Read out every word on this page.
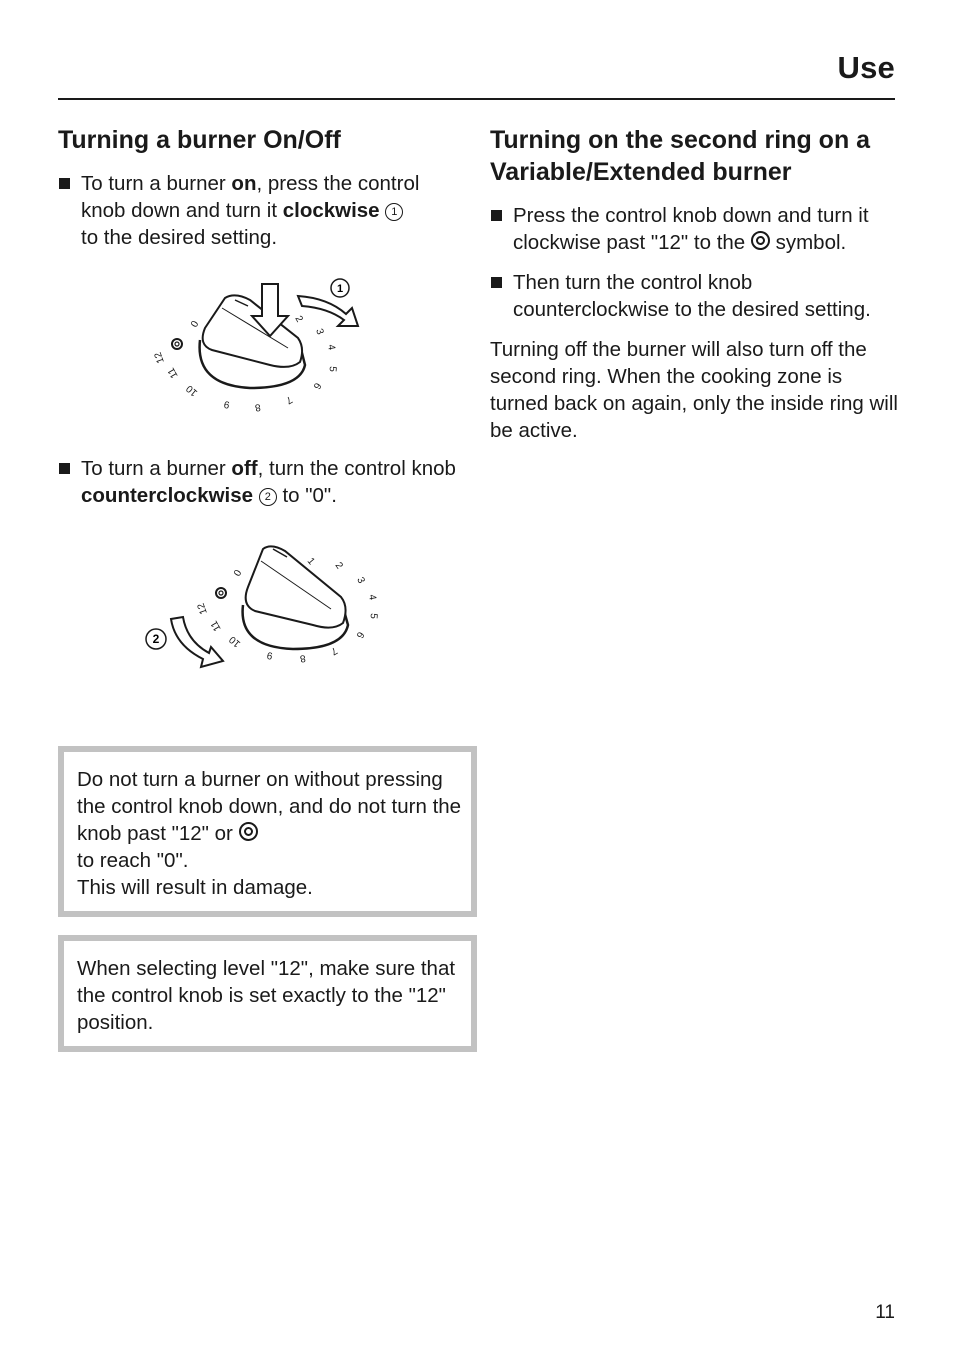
Use
Turning a burner On/Off
To turn a burner on, press the control knob down and turn it clockwise 1
to the desired setting.
1
0
2
3
4
5
6
7
8
9
10
11
12
To turn a burner off, turn the control knob counterclockwise 2 to "0".
2
0
1 2
3
4
5
6
7
8
9
10
11
12
Do not turn a burner on without pressing the control knob down, and do not turn the knob past "12" or
to reach "0".
This will result in damage.
When selecting level "12", make sure that the control knob is set exactly to the "12" position.
Turning on the second ring on a Variable/Extended burner
Press the control knob down and turn it clockwise past "12" to the  symbol.
Then turn the control knob counterclockwise to the desired setting.

Turning off the burner will also turn off the second ring. When the cooking zone is turned back on again, only the inside ring will be active.

11
